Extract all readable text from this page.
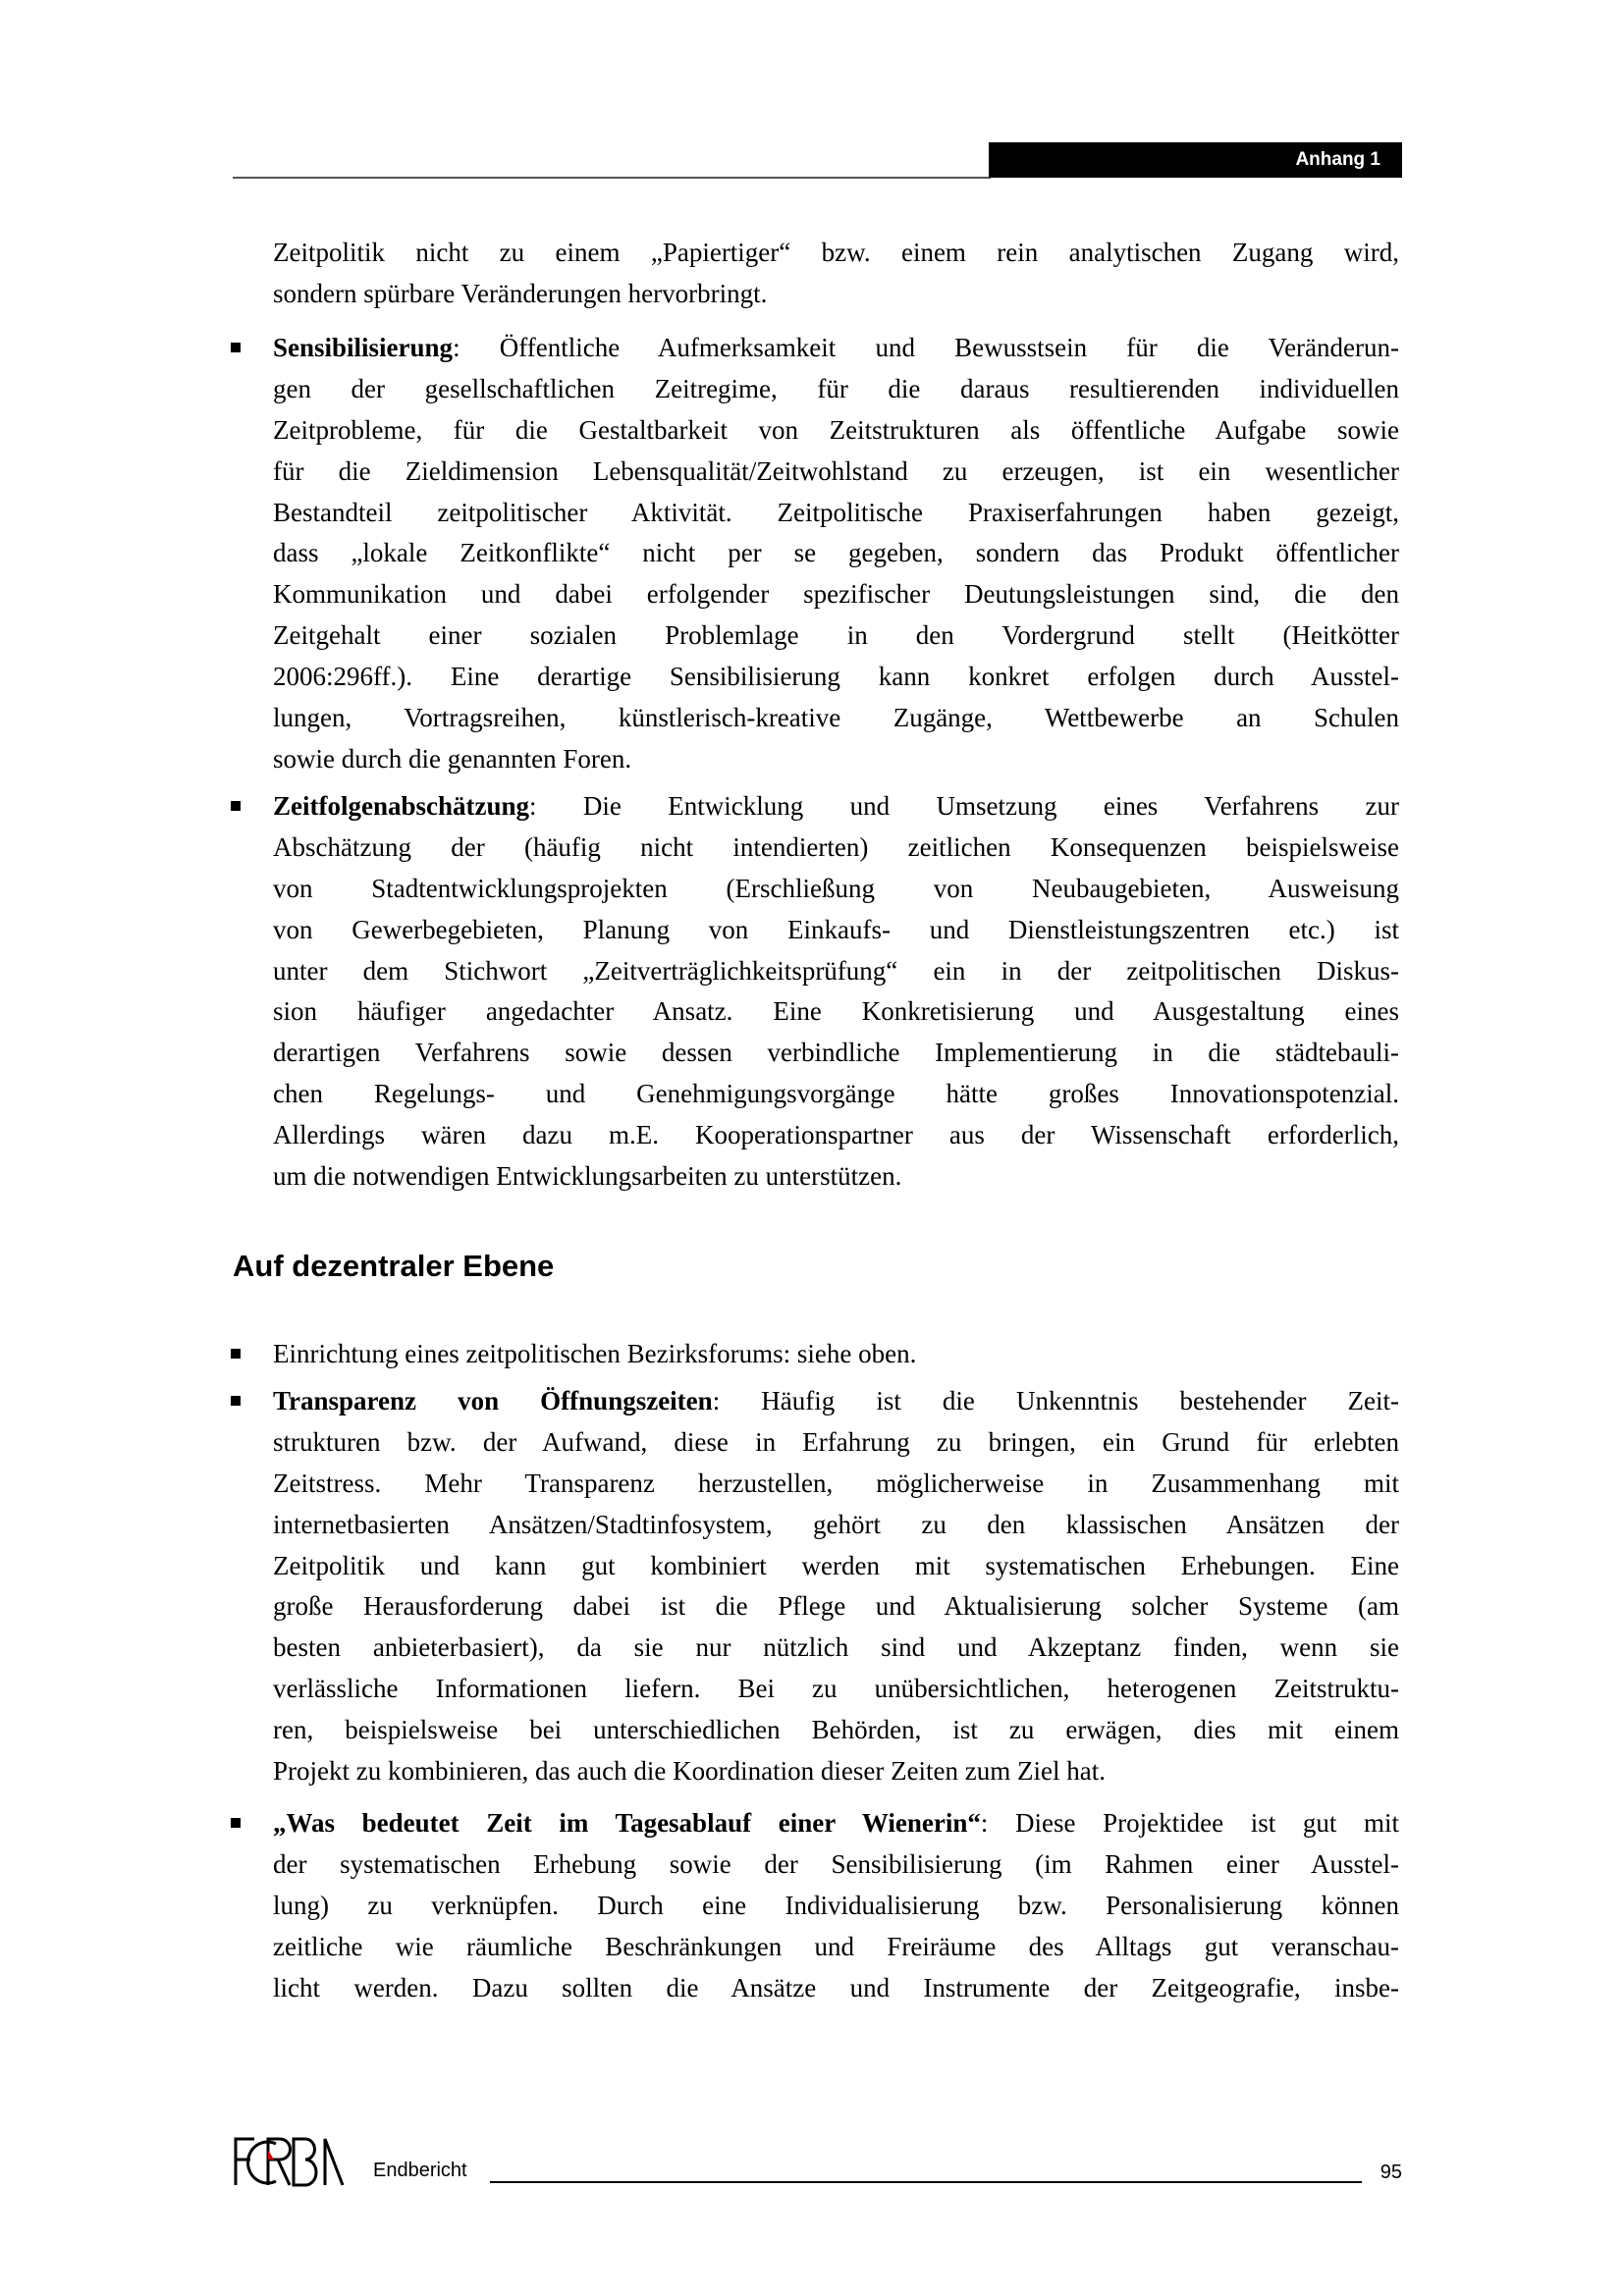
Anhang 1
Zeitpolitik nicht zu einem „Papiertiger“ bzw. einem rein analytischen Zugang wird,
sondern spürbare Veränderungen hervorbringt.
Sensibilisierung: Öffentliche Aufmerksamkeit und Bewusstsein für die Veränderun-
gen der gesellschaftlichen Zeitregime, für die daraus resultierenden individuellen
Zeitprobleme, für die Gestaltbarkeit von Zeitstrukturen als öffentliche Aufgabe sowie
für die Zieldimension Lebensqualität/Zeitwohlstand zu erzeugen, ist ein wesentlicher
Bestandteil zeitpolitischer Aktivität. Zeitpolitische Praxiserfahrungen haben gezeigt,
dass „lokale Zeitkonflikte“ nicht per se gegeben, sondern das Produkt öffentlicher
Kommunikation und dabei erfolgender spezifischer Deutungsleistungen sind, die den
Zeitgehalt einer sozialen Problemlage in den Vordergrund stellt (Heitkötter
2006:296ff.). Eine derartige Sensibilisierung kann konkret erfolgen durch Ausstel-
lungen, Vortragsreihen, künstlerisch-kreative Zugänge, Wettbewerbe an Schulen
sowie durch die genannten Foren.
Zeitfolgenabschätzung: Die Entwicklung und Umsetzung eines Verfahrens zur
Abschätzung der (häufig nicht intendierten) zeitlichen Konsequenzen beispielsweise
von Stadtentwicklungsprojekten (Erschließung von Neubaugebieten, Ausweisung
von Gewerbegebieten, Planung von Einkaufs- und Dienstleistungszentren etc.) ist
unter dem Stichwort „Zeitverträglichkeitsprüfung“ ein in der zeitpolitischen Diskus-
sion häufiger angedachter Ansatz. Eine Konkretisierung und Ausgestaltung eines
derartigen Verfahrens sowie dessen verbindliche Implementierung in die städtebauli-
chen Regelungs- und Genehmigungsvorgänge hätte großes Innovationspotenzial.
Allerdings wären dazu m.E. Kooperationspartner aus der Wissenschaft erforderlich,
um die notwendigen Entwicklungsarbeiten zu unterstützen.
Auf dezentraler Ebene
Einrichtung eines zeitpolitischen Bezirksforums: siehe oben.
Transparenz von Öffnungszeiten: Häufig ist die Unkenntnis bestehender Zeit-
strukturen bzw. der Aufwand, diese in Erfahrung zu bringen, ein Grund für erlebten
Zeitstress. Mehr Transparenz herzustellen, möglicherweise in Zusammenhang mit
internetbasierten Ansätzen/Stadtinfosystem, gehört zu den klassischen Ansätzen der
Zeitpolitik und kann gut kombiniert werden mit systematischen Erhebungen. Eine
große Herausforderung dabei ist die Pflege und Aktualisierung solcher Systeme (am
besten anbieterbasiert), da sie nur nützlich sind und Akzeptanz finden, wenn sie
verlässliche Informationen liefern. Bei zu unübersichtlichen, heterogenen Zeitstruktu-
ren, beispielsweise bei unterschiedlichen Behörden, ist zu erwägen, dies mit einem
Projekt zu kombinieren, das auch die Koordination dieser Zeiten zum Ziel hat.
„Was bedeutet Zeit im Tagesablauf einer Wienerin“: Diese Projektidee ist gut mit
der systematischen Erhebung sowie der Sensibilisierung (im Rahmen einer Ausstel-
lung) zu verknüpfen. Durch eine Individualisierung bzw. Personalisierung können
zeitliche wie räumliche Beschränkungen und Freiräume des Alltags gut veranschau-
licht werden. Dazu sollten die Ansätze und Instrumente der Zeitgeografie, insbe-
Endbericht	95
